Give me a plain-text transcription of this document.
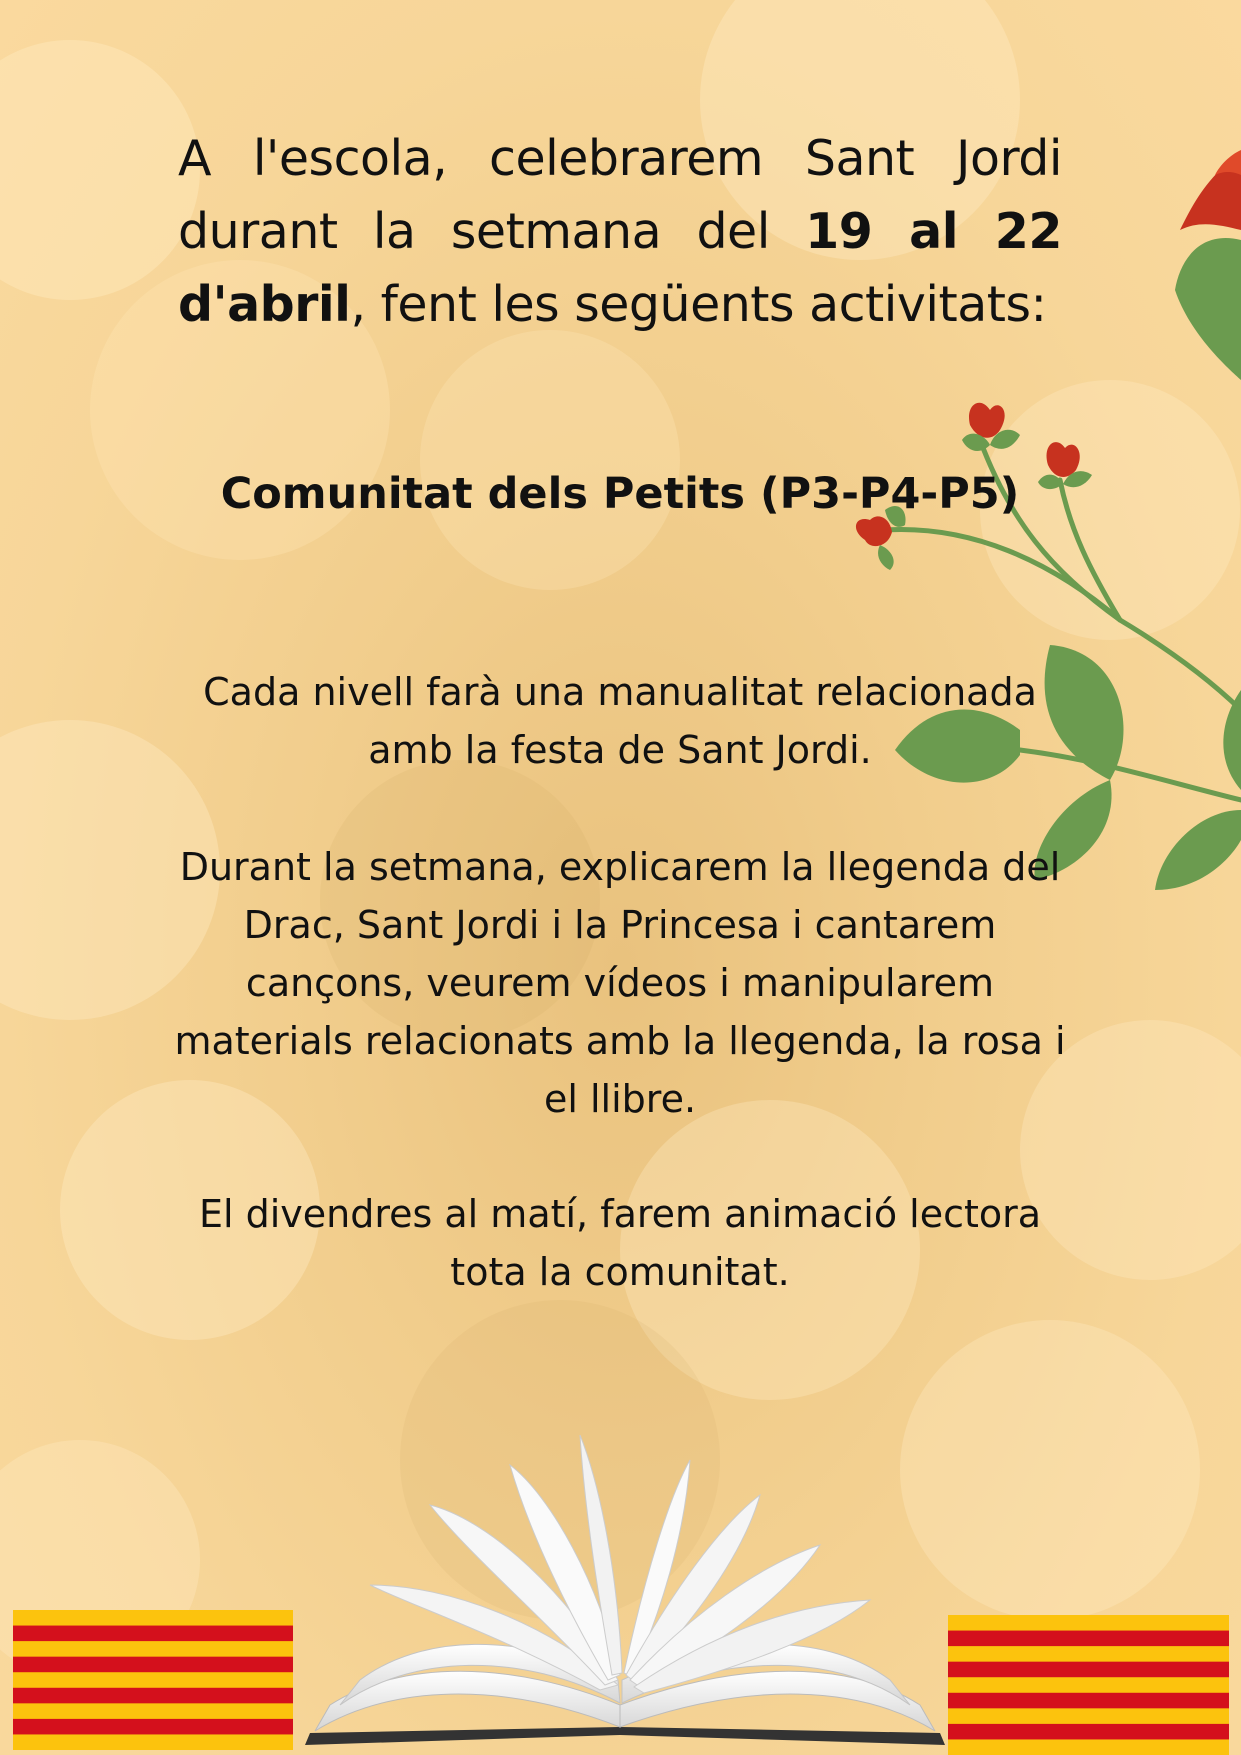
A l'escola, celebrarem Sant Jordi durant la setmana del 19 al 22 d'abril, fent les següents activitats:
Comunitat dels Petits (P3-P4-P5)
Cada nivell farà una manualitat relacionada amb la festa de Sant Jordi.
Durant la setmana, explicarem la llegenda del Drac, Sant Jordi i la Princesa i cantarem cançons, veurem vídeos i manipularem materials relacionats amb la llegenda, la rosa i el llibre.
El divendres al matí, farem animació lectora tota la comunitat.
